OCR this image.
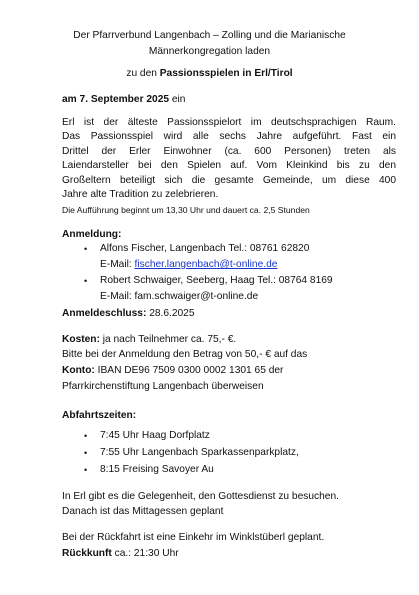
Der Pfarrverbund Langenbach – Zolling und die Marianische
Männerkongregation laden
zu den Passionsspielen in Erl/Tirol
am 7. September 2025 ein
Erl ist der älteste Passionsspielort im deutschsprachigen Raum.
Das Passionsspiel wird alle sechs Jahre aufgeführt. Fast ein
Drittel der Erler Einwohner (ca. 600 Personen) treten als
Laiendarsteller bei den Spielen auf. Vom Kleinkind bis zu den
Großeltern beteiligt sich die gesamte Gemeinde, um diese 400
Jahre alte Tradition zu zelebrieren.
Die Aufführung beginnt um 13,30 Uhr und dauert ca. 2,5 Stunden
Anmeldung:
• Alfons Fischer, Langenbach Tel.: 08761 62820
E-Mail: fischer.langenbach@t-online.de
• Robert Schwaiger, Seeberg, Haag Tel.: 08764 8169
E-Mail: fam.schwaiger@t-online.de
Anmeldeschluss: 28.6.2025
Kosten: ja nach Teilnehmer ca. 75,- €.
Bitte bei der Anmeldung den Betrag von 50,- € auf das
Konto: IBAN DE96 7509 0300 0002 1301 65 der
Pfarrkirchenstiftung Langenbach überweisen
Abfahrtszeiten:
• 7:45 Uhr Haag Dorfplatz
• 7:55 Uhr Langenbach Sparkassenparkplatz,
• 8:15 Freising Savoyer Au
In Erl gibt es die Gelegenheit, den Gottesdienst zu besuchen.
Danach ist das Mittagessen geplant
Bei der Rückfahrt ist eine Einkehr im Winklstüberl geplant.
Rückkunft ca.: 21:30 Uhr
